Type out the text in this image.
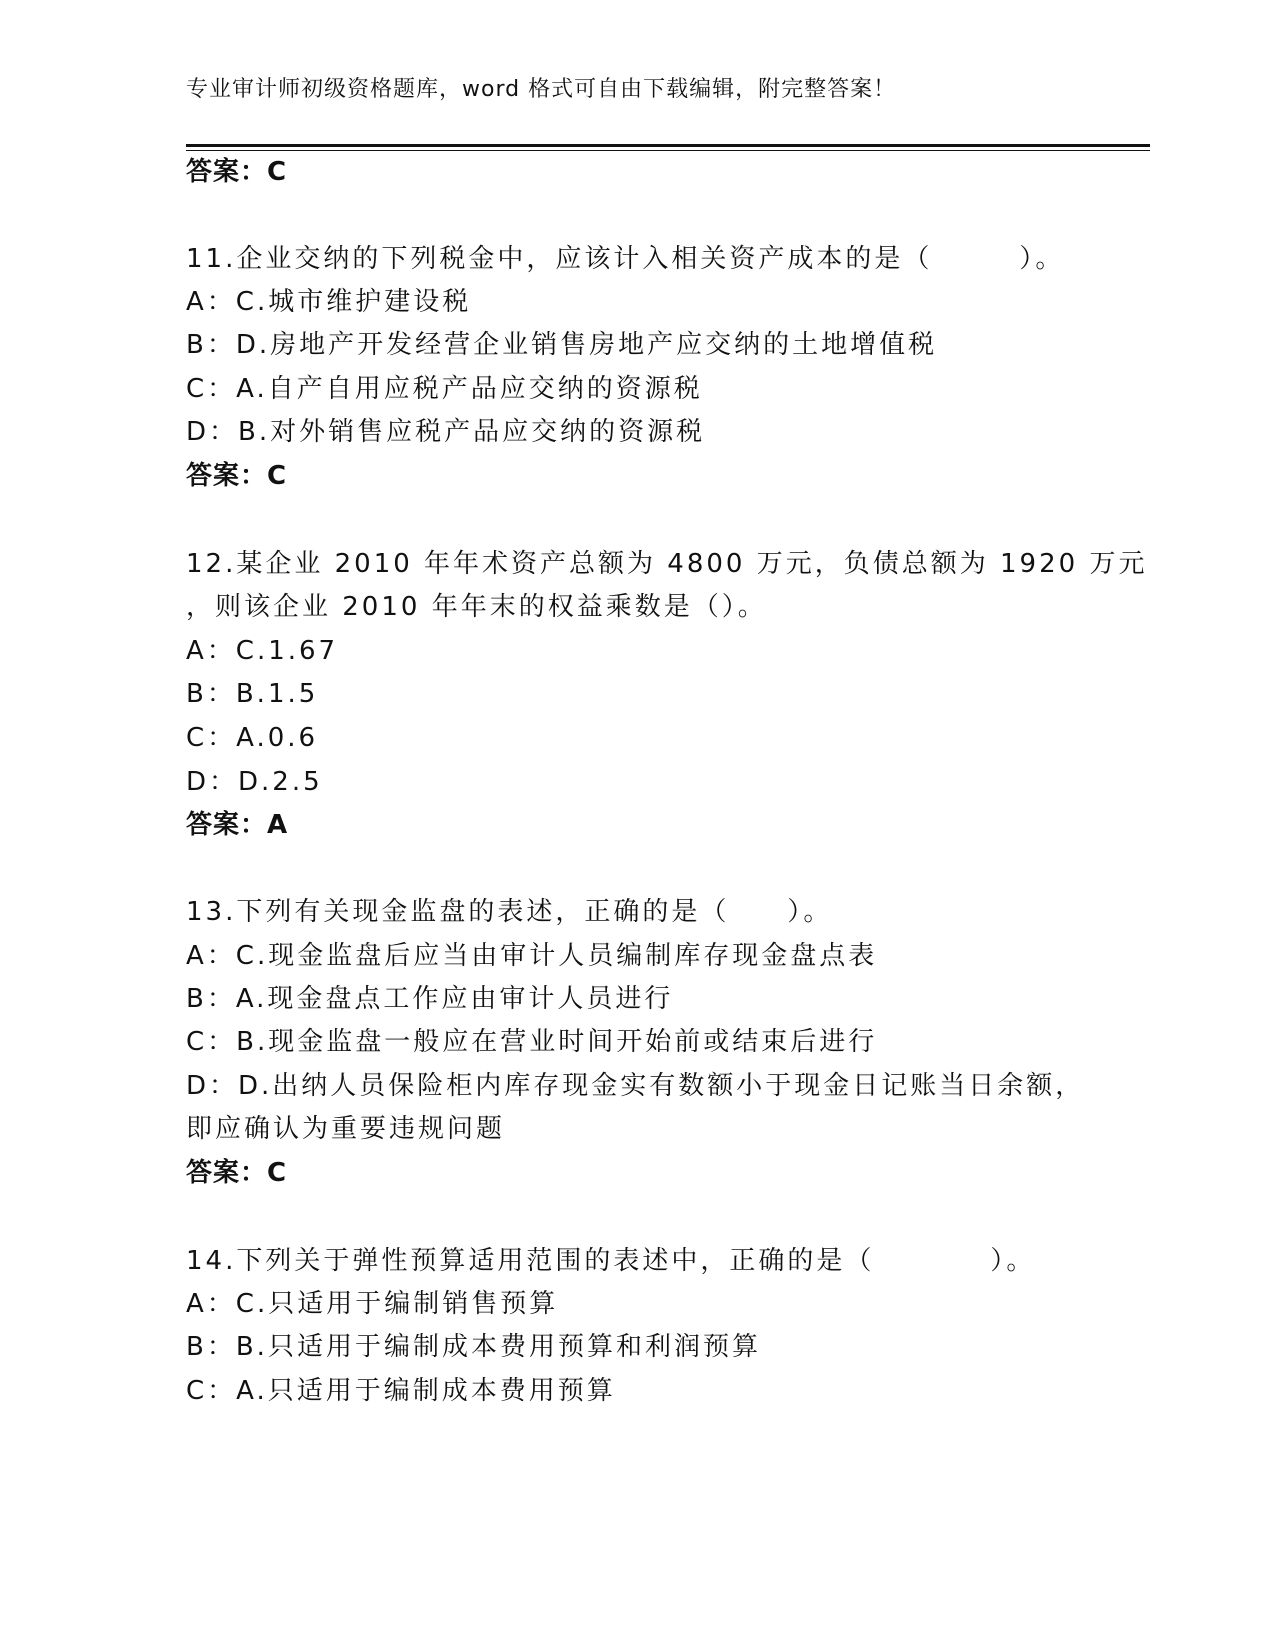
专业审计师初级资格题库，word 格式可自由下载编辑，附完整答案！
答案：C
11.企业交纳的下列税金中，应该计入相关资产成本的是（　　　）。
A：C.城市维护建设税
B：D.房地产开发经营企业销售房地产应交纳的土地增值税
C：A.自产自用应税产品应交纳的资源税
D：B.对外销售应税产品应交纳的资源税
答案：C
12.某企业 2010 年年术资产总额为 4800 万元，负债总额为 1920 万元
，则该企业 2010 年年末的权益乘数是（）。
A：C.1.67
B：B.1.5
C：A.0.6
D：D.2.5
答案：A
13.下列有关现金监盘的表述，正确的是（　　）。
A：C.现金监盘后应当由审计人员编制库存现金盘点表
B：A.现金盘点工作应由审计人员进行
C：B.现金监盘一般应在营业时间开始前或结束后进行
D：D.出纳人员保险柜内库存现金实有数额小于现金日记账当日余额，
即应确认为重要违规问题
答案：C
14.下列关于弹性预算适用范围的表述中，正确的是（　　　　）。
A：C.只适用于编制销售预算
B：B.只适用于编制成本费用预算和利润预算
C：A.只适用于编制成本费用预算
